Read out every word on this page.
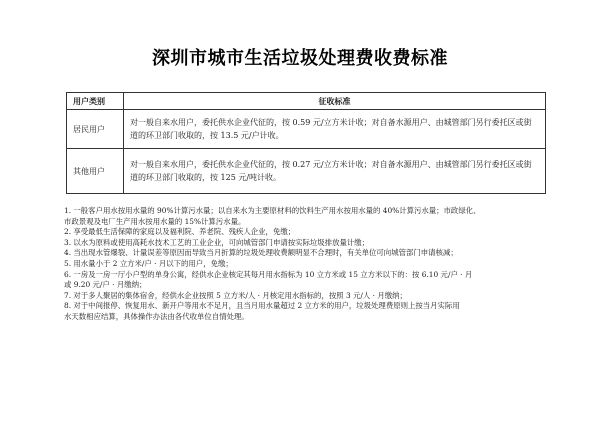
深圳市城市生活垃圾处理费收费标准
用户类别	征收标准
居民用户	对一般自来水用户，委托供水企业代征的，按 0.59 元/立方米计收；对自备水源用户、由城管部门另行委托区或街道的环卫部门收取的，按 13.5 元/户计收。
其他用户	对一般自来水用户，委托供水企业代征的，按 0.27 元/立方米计收；对自备水源用户、由城管部门另行委托区或街道的环卫部门收取的，按 125 元/吨计收。
1. 一般客户用水按用水量的 90%计算污水量；以自来水为主要原材料的饮料生产用水按用水量的 40%计算污水量；市政绿化、
市政景观及电厂生产用水按用水量的 15%计算污水量。
2. 享受最低生活保障的家庭以及福利院、养老院、残疾人企业，免缴；
3. 以水为原料或使用高耗水技术工艺的工业企业，可向城管部门申请按实际垃圾排放量计缴；
4. 当出现水管爆裂、计量误差等原因而导致当月折算的垃圾处理收费额明显不合理时，有关单位可向城管部门申请核减；
5. 用水量小于 2 立方米/户 · 月以下的用户，免缴；
6. 一房及一房一厅小户型的单身公寓，经供水企业核定其每月用水指标为 10 立方米或 15 立方米以下的：按 6.10 元/户 · 月
或 9.20 元/户 · 月缴纳；
7. 对于多人聚居的集体宿舍，经供水企业按照 5 立方米/人 · 月核定用水指标的，按照 3 元/人 · 月缴纳；
8. 对于中间报停、恢复用水、新开户等用水不足月，且当月用水量超过 2 立方米的用户，垃圾处理费原则上按当月实际用
水天数相应结算，具体操作办法由各代收单位自情处理。
